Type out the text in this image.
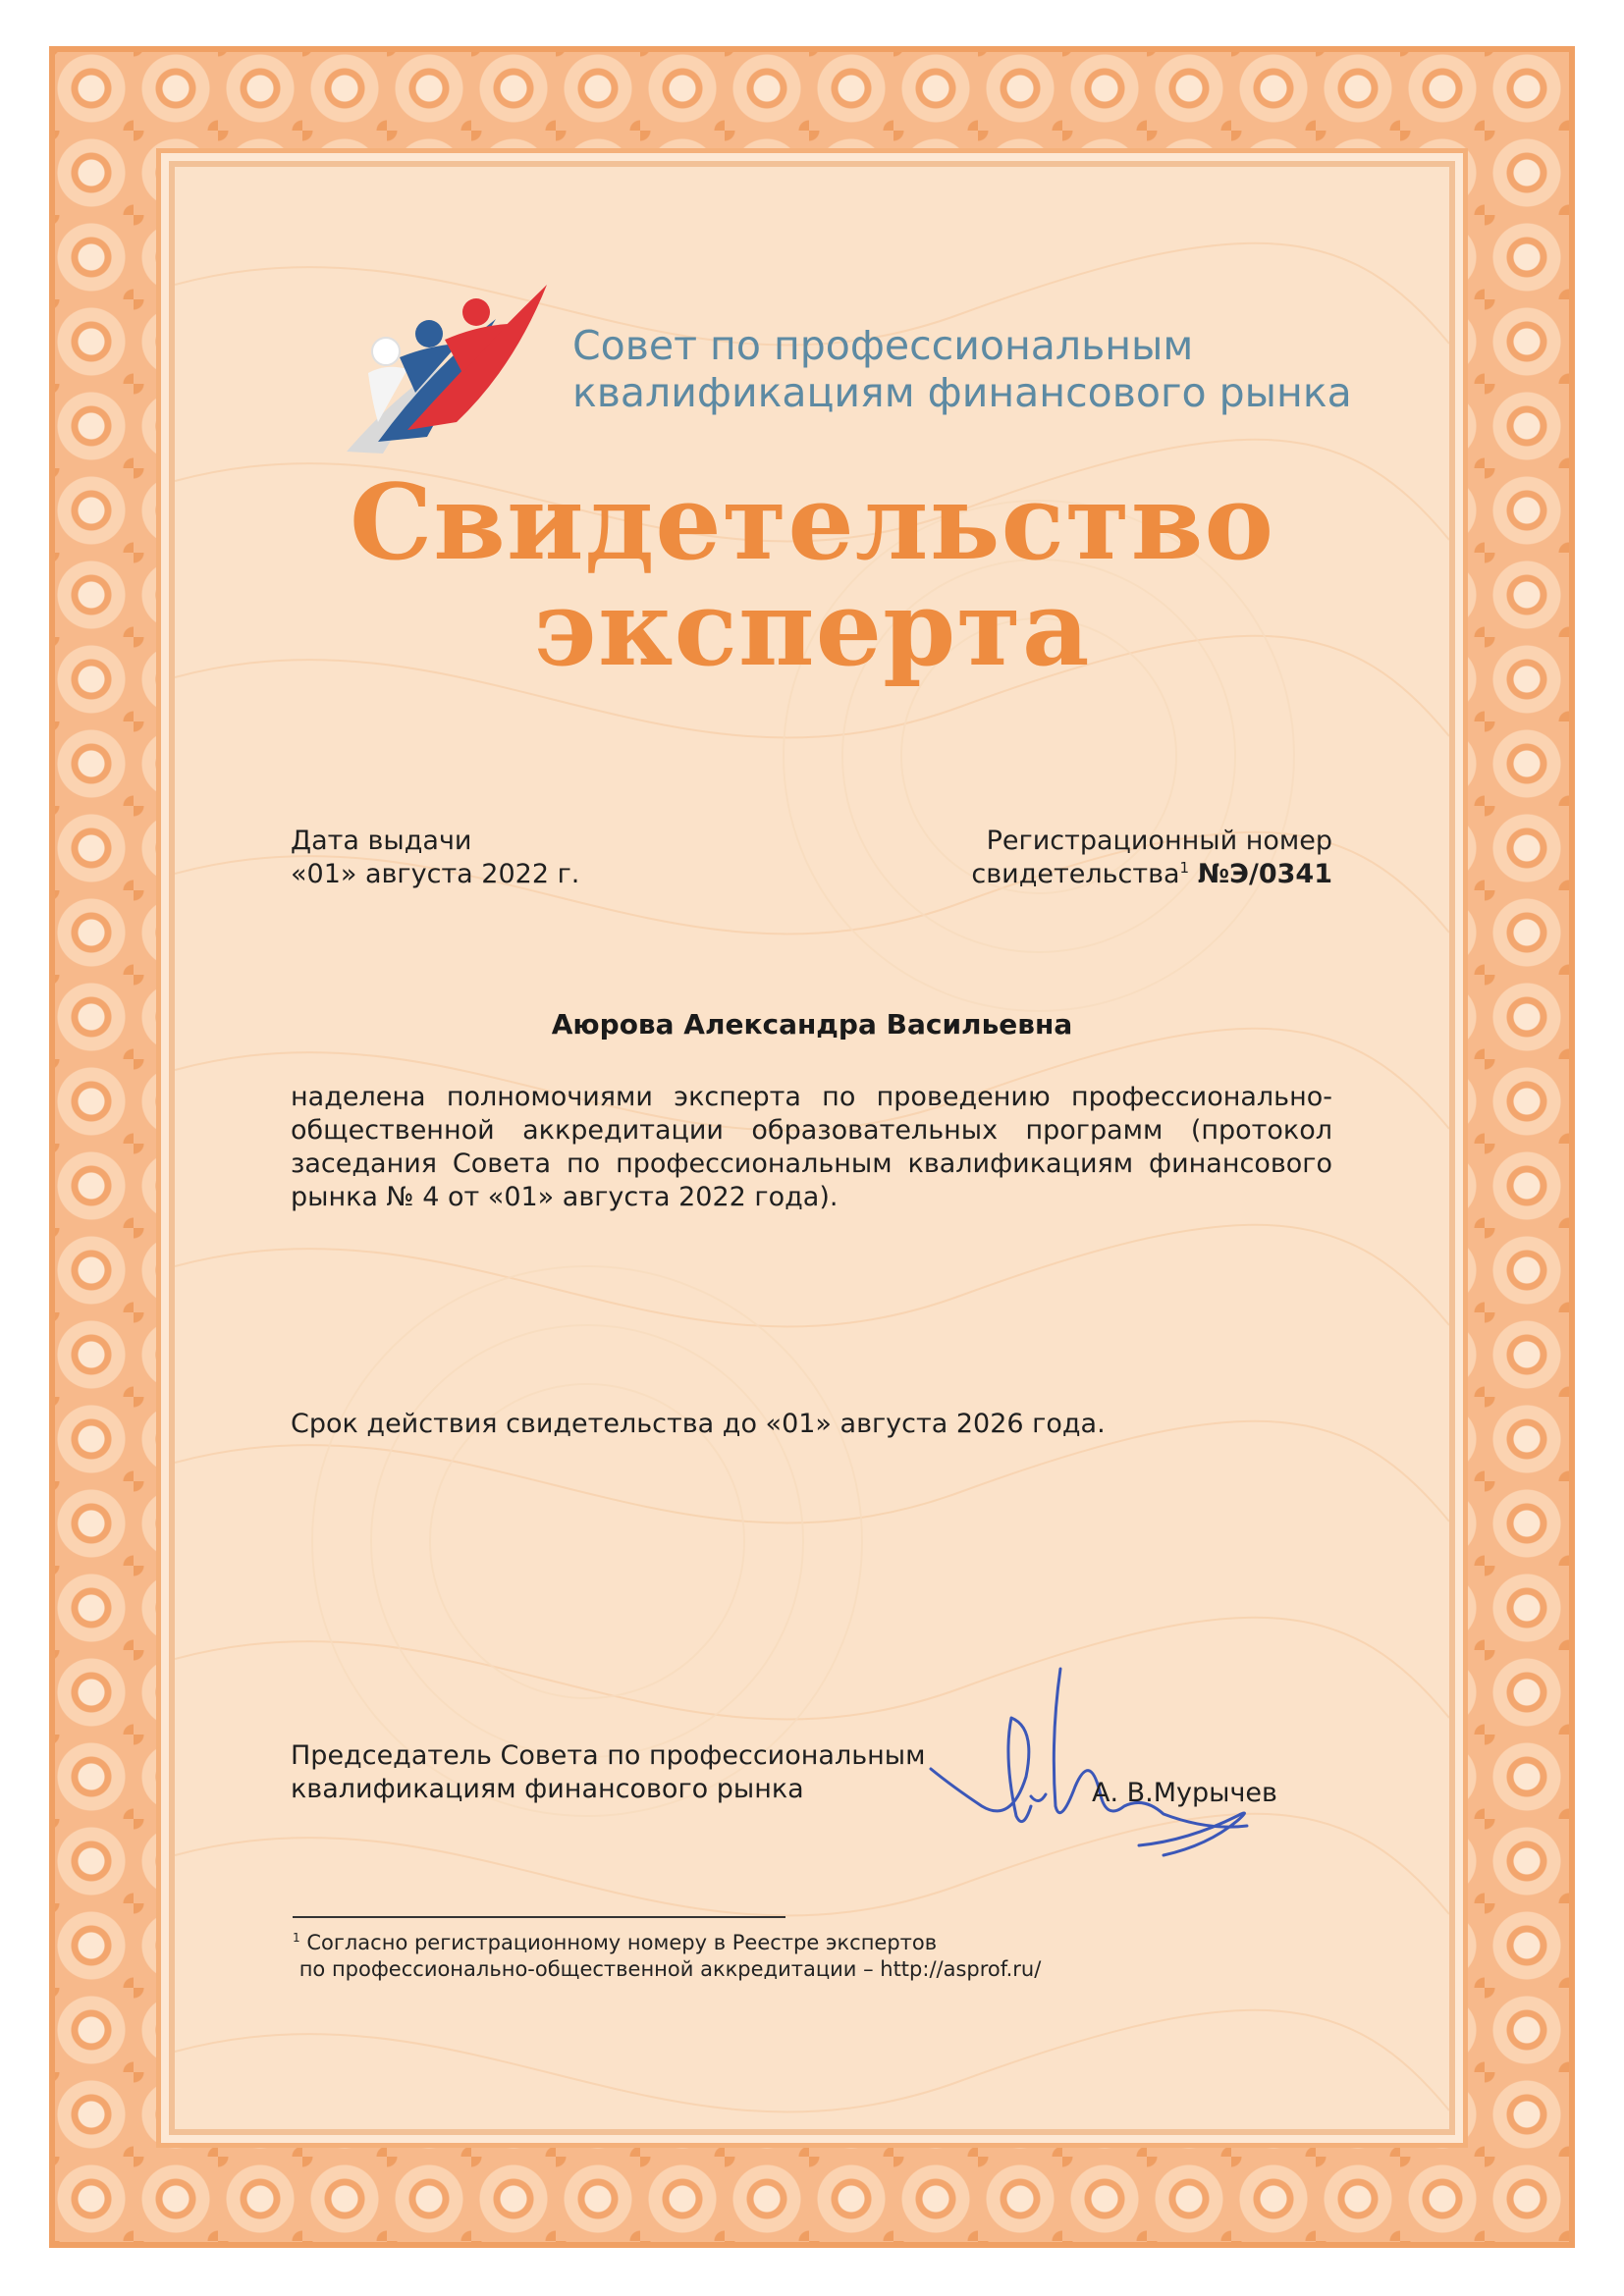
Совет по профессиональным
квалификациям финансового рынка
Свидетельство
эксперта
Дата выдачи
«01» августа 2022 г.
Регистрационный номер
свидетельства$^1$ №Э/0341
Аюрова Александра Васильевна
наделена полномочиями эксперта по проведению профессионально-общественной аккредитации образовательных программ (протокол заседания Совета по профессиональным квалификациям финансового рынка № 4 от «01» августа 2022 года).
Срок действия свидетельства до «01» августа 2026 года.
Председатель Совета по профессиональным
квалификациям финансового рынка	А. В.Мурычев
$^1$ Согласно регистрационному номеру в Реестре экспертов
по профессионально-общественной аккредитации – http://asprof.ru/
